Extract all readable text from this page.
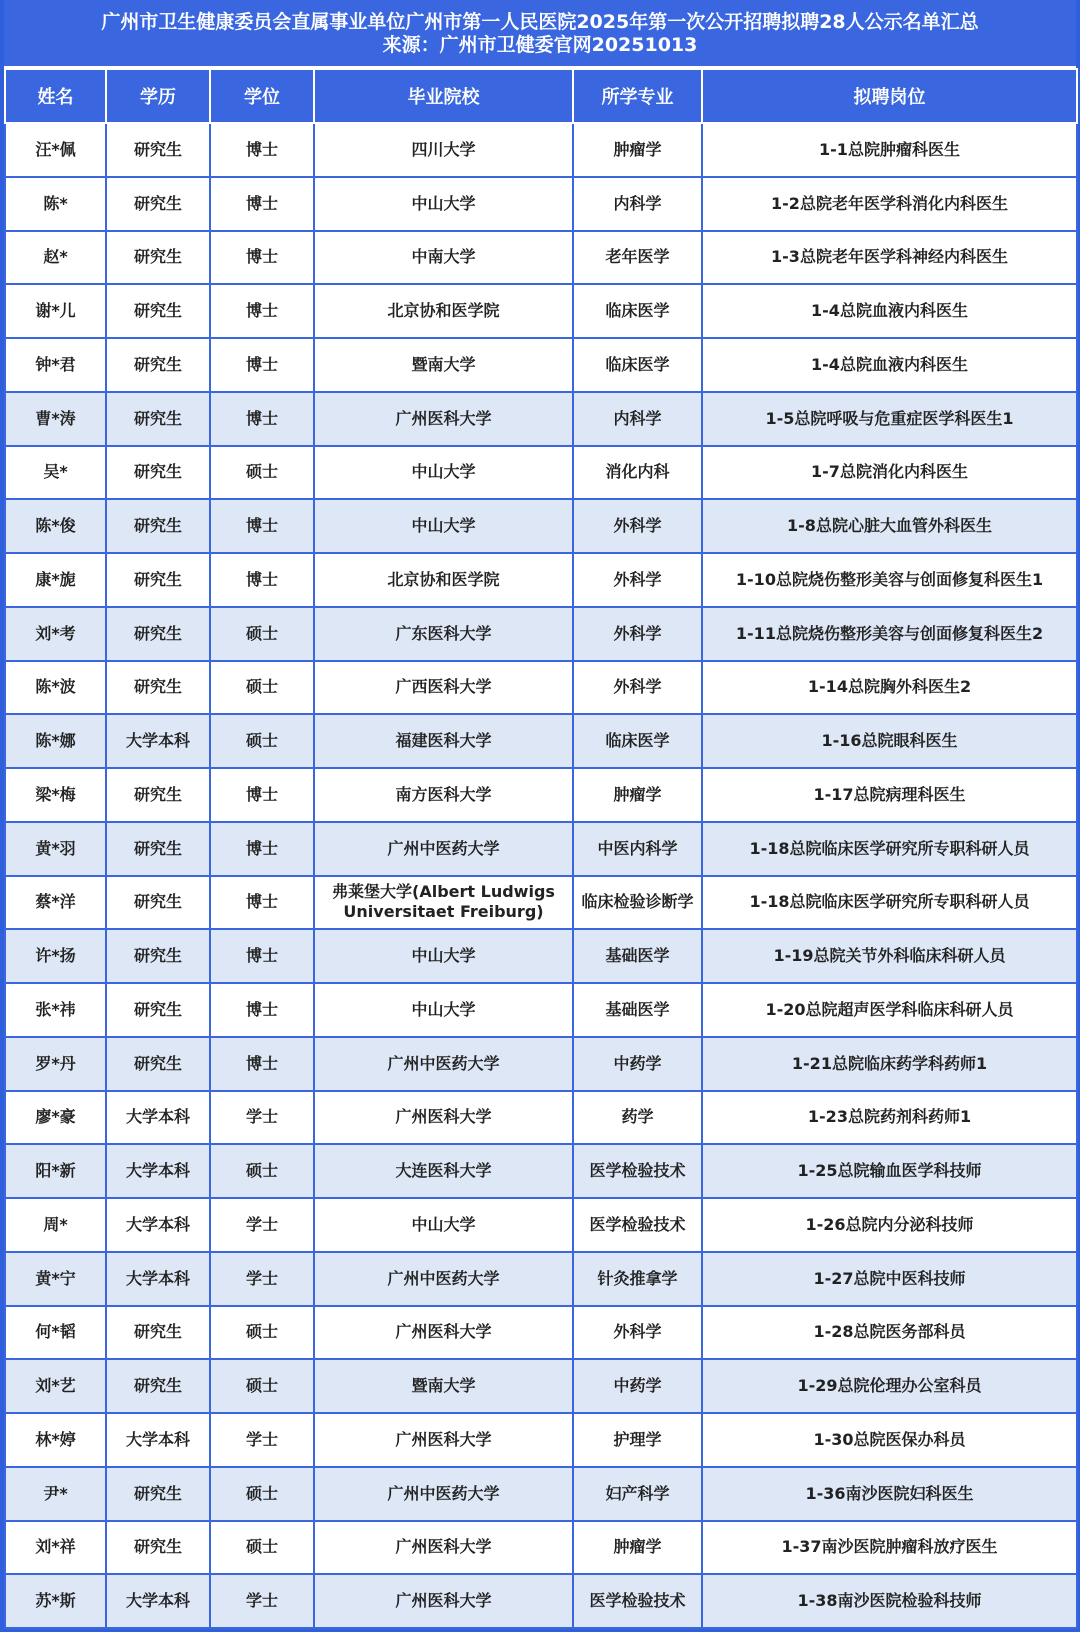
广州市卫生健康委员会直属事业单位广州市第一人民医院2025年第一次公开招聘拟聘28人公示名单汇总
来源：广州市卫健委官网20251013
姓名	学历	学位	毕业院校	所学专业	拟聘岗位
汪*佩	研究生	博士	四川大学	肿瘤学	1-1总院肿瘤科医生
陈*	研究生	博士	中山大学	内科学	1-2总院老年医学科消化内科医生
赵*	研究生	博士	中南大学	老年医学	1-3总院老年医学科神经内科医生
谢*儿	研究生	博士	北京协和医学院	临床医学	1-4总院血液内科医生
钟*君	研究生	博士	暨南大学	临床医学	1-4总院血液内科医生
曹*涛	研究生	博士	广州医科大学	内科学	1-5总院呼吸与危重症医学科医生1
吴*	研究生	硕士	中山大学	消化内科	1-7总院消化内科医生
陈*俊	研究生	博士	中山大学	外科学	1-8总院心脏大血管外科医生
康*旎	研究生	博士	北京协和医学院	外科学	1-10总院烧伤整形美容与创面修复科医生1
刘*考	研究生	硕士	广东医科大学	外科学	1-11总院烧伤整形美容与创面修复科医生2
陈*波	研究生	硕士	广西医科大学	外科学	1-14总院胸外科医生2
陈*娜	大学本科	硕士	福建医科大学	临床医学	1-16总院眼科医生
梁*梅	研究生	博士	南方医科大学	肿瘤学	1-17总院病理科医生
黄*羽	研究生	博士	广州中医药大学	中医内科学	1-18总院临床医学研究所专职科研人员
蔡*洋	研究生	博士	弗莱堡大学(Albert Ludwigs Universitaet Freiburg)	临床检验诊断学	1-18总院临床医学研究所专职科研人员
许*扬	研究生	博士	中山大学	基础医学	1-19总院关节外科临床科研人员
张*祎	研究生	博士	中山大学	基础医学	1-20总院超声医学科临床科研人员
罗*丹	研究生	博士	广州中医药大学	中药学	1-21总院临床药学科药师1
廖*豪	大学本科	学士	广州医科大学	药学	1-23总院药剂科药师1
阳*新	大学本科	硕士	大连医科大学	医学检验技术	1-25总院输血医学科技师
周*	大学本科	学士	中山大学	医学检验技术	1-26总院内分泌科技师
黄*宁	大学本科	学士	广州中医药大学	针灸推拿学	1-27总院中医科技师
何*韬	研究生	硕士	广州医科大学	外科学	1-28总院医务部科员
刘*艺	研究生	硕士	暨南大学	中药学	1-29总院伦理办公室科员
林*婷	大学本科	学士	广州医科大学	护理学	1-30总院医保办科员
尹*	研究生	硕士	广州中医药大学	妇产科学	1-36南沙医院妇科医生
刘*祥	研究生	硕士	广州医科大学	肿瘤学	1-37南沙医院肿瘤科放疗医生
苏*斯	大学本科	学士	广州医科大学	医学检验技术	1-38南沙医院检验科技师
